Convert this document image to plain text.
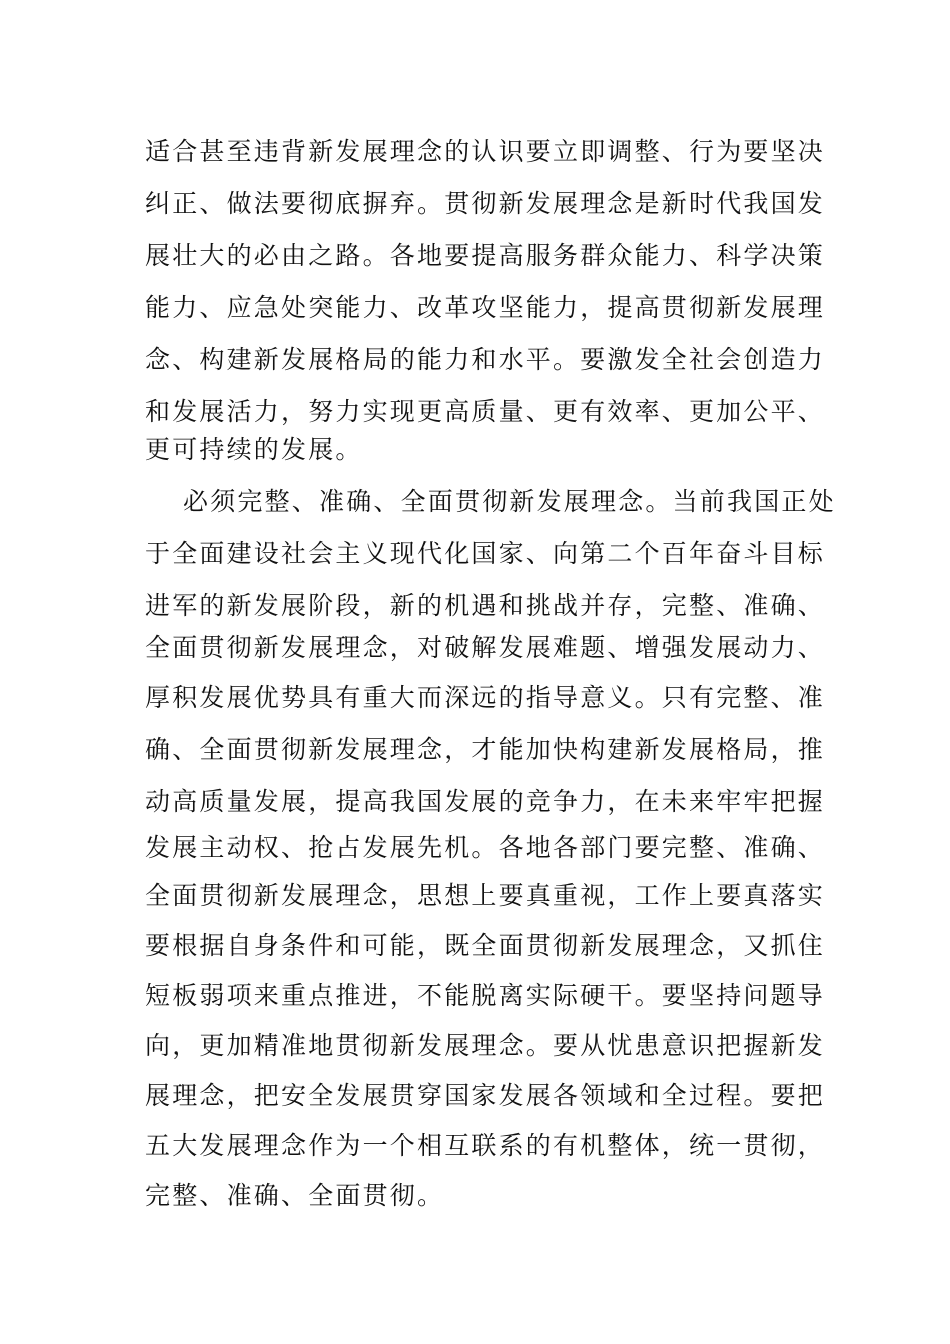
适合甚至违背新发展理念的认识要立即调整、行为要坚决
纠正、做法要彻底摒弃。贯彻新发展理念是新时代我国发
展壮大的必由之路。各地要提高服务群众能力、科学决策
能力、应急处突能力、改革攻坚能力，提高贯彻新发展理
念、构建新发展格局的能力和水平。要激发全社会创造力
和发展活力，努力实现更高质量、更有效率、更加公平、
更可持续的发展。
必须完整、准确、全面贯彻新发展理念。当前我国正处
于全面建设社会主义现代化国家、向第二个百年奋斗目标
进军的新发展阶段，新的机遇和挑战并存，完整、准确、
全面贯彻新发展理念，对破解发展难题、增强发展动力、
厚积发展优势具有重大而深远的指导意义。只有完整、准
确、全面贯彻新发展理念，才能加快构建新发展格局，推
动高质量发展，提高我国发展的竞争力，在未来牢牢把握
发展主动权、抢占发展先机。各地各部门要完整、准确、
全面贯彻新发展理念，思想上要真重视，工作上要真落实
要根据自身条件和可能，既全面贯彻新发展理念，又抓住
短板弱项来重点推进，不能脱离实际硬干。要坚持问题导
向，更加精准地贯彻新发展理念。要从忧患意识把握新发
展理念，把安全发展贯穿国家发展各领域和全过程。要把
五大发展理念作为一个相互联系的有机整体，统一贯彻，
完整、准确、全面贯彻。
